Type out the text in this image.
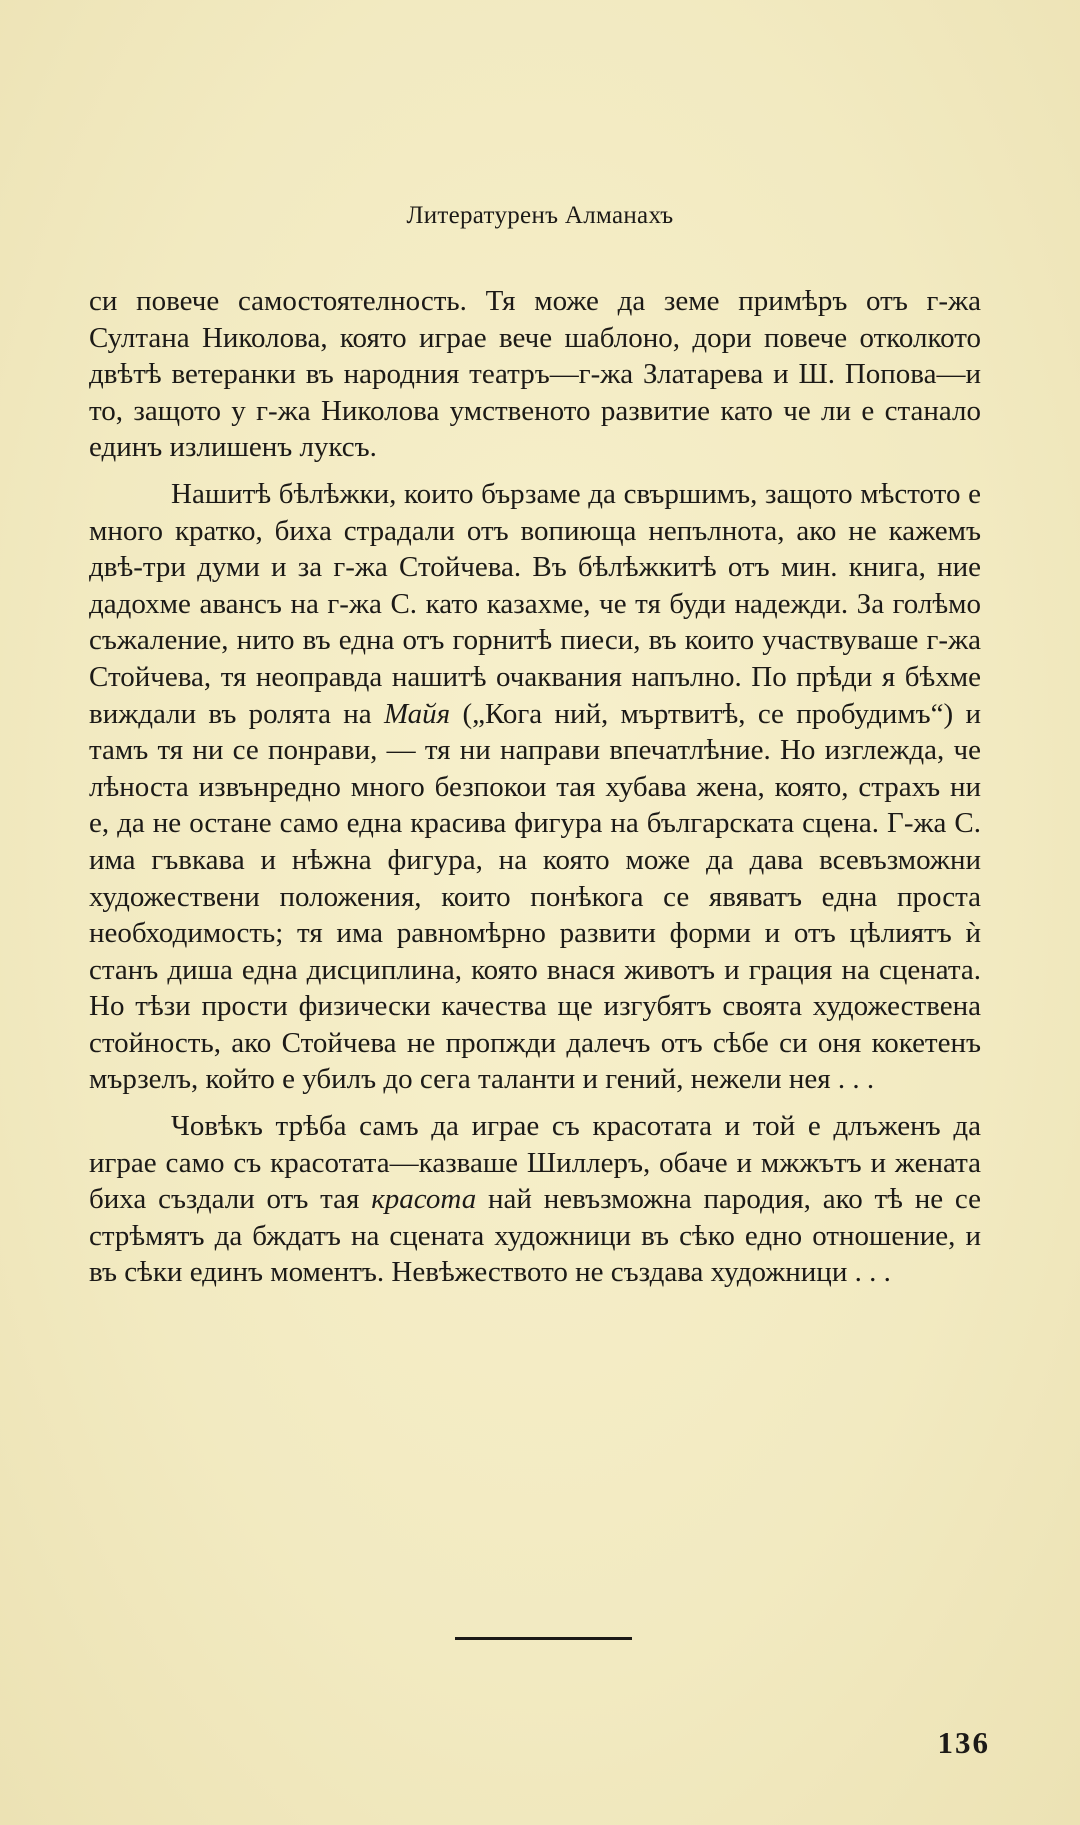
Литературенъ Алманахъ

си повече самостоятелность. Тя може да земе примѣръ отъ г-жа Султана Николова, която играе вече шаблоно, дори повече отколкото двѣтѣ ветеранки въ народния театръ—г-жа Златарева и Ш. Попова—и то, защото у г-жа Николова умственото развитие като че ли е станало единъ излишенъ луксъ.

Нашитѣ бѣлѣжки, които бързаме да свършимъ, защото мѣстото е много кратко, биха страдали отъ вопиюща непълнота, ако не кажемъ двѣ-три думи и за г-жа Стойчева. Въ бѣлѣжкитѣ отъ мин. книга, ние дадохме авансъ на г-жа С. като казахме, че тя буди надежди. За голѣмо съжаление, нито въ една отъ горнитѣ пиеси, въ които участвуваше г-жа Стойчева, тя неоправда нашитѣ очаквания напълно. По прѣди я бѣхме виждали въ ролята на Майя („Кога ний, мъртвитѣ, се пробудимъ“) и тамъ тя ни се понрави, — тя ни направи впечатлѣние. Но изглежда, че лѣноста извънредно много безпокои тая хубава жена, която, страхъ ни е, да не остане само една красива фигура на българската сцена. Г-жа С. има гъвкава и нѣжна фигура, на която може да дава всевъзможни художествени положения, които понѣкога се явяватъ една проста необходимость; тя има равномѣрно развити форми и отъ цѣлиятъ ѝ станъ диша една дисциплина, която внася животъ и грация на сцената. Но тѣзи прости физически качества ще изгубятъ своята художествена стойность, ако Стойчева не пропжди далечъ отъ сѣбе си оня кокетенъ мързелъ, който е убилъ до сега таланти и гений, нежели нея . . .

Човѣкъ трѣба самъ да играе съ красотата и той е длъженъ да играе само съ красотата—казваше Шиллеръ, обаче и мжжътъ и жената биха създали отъ тая красота най невъзможна пародия, ако тѣ не се стрѣмятъ да бждатъ на сцената художници въ сѣко едно отношение, и въ сѣки единъ моментъ. Невѣжеството не създава художници . . .

136
